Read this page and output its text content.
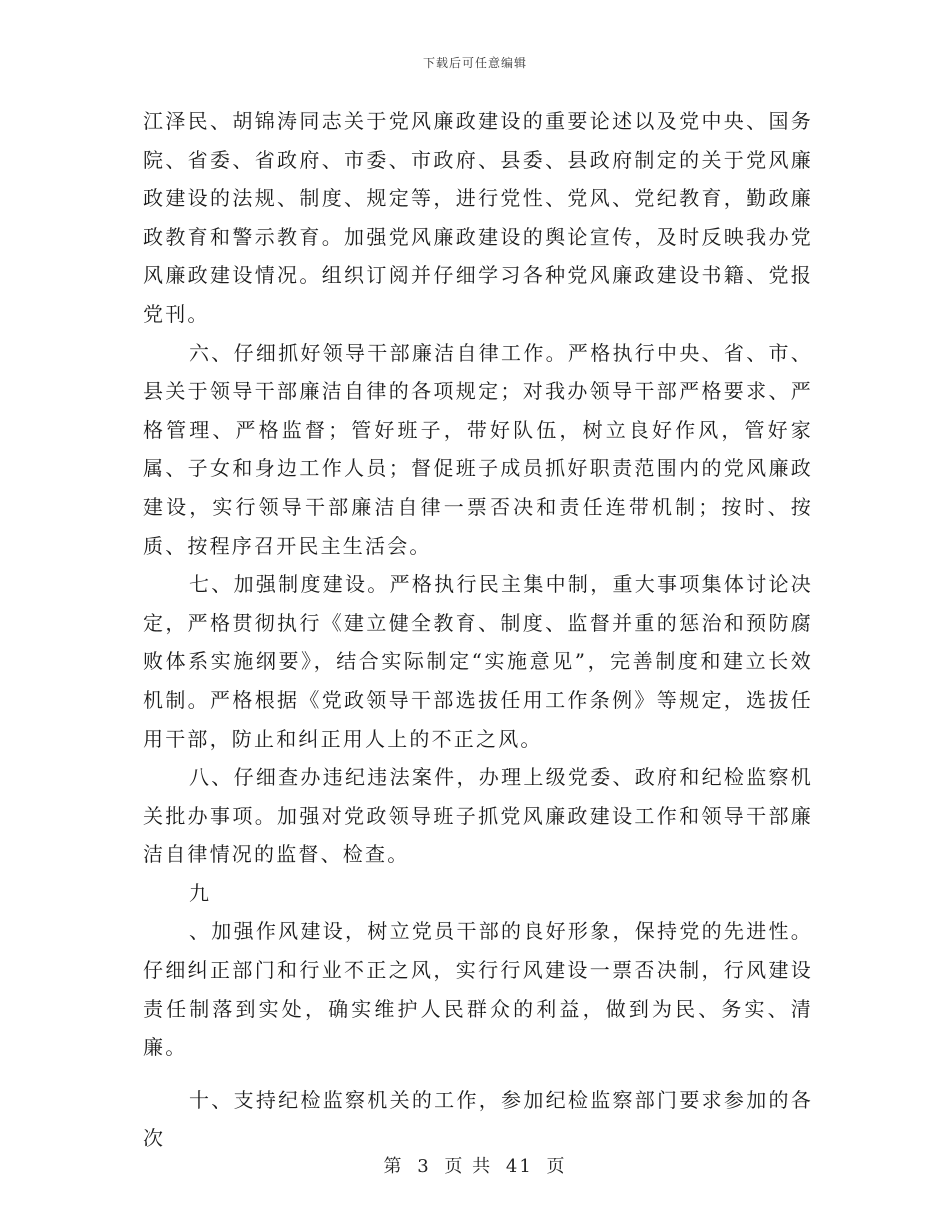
下载后可任意编辑

江泽民、胡锦涛同志关于党风廉政建设的重要论述以及党中央、国务院、省委、省政府、市委、市政府、县委、县政府制定的关于党风廉政建设的法规、制度、规定等，进行党性、党风、党纪教育，勤政廉政教育和警示教育。加强党风廉政建设的舆论宣传，及时反映我办党风廉政建设情况。组织订阅并仔细学习各种党风廉政建设书籍、党报党刊。

六、仔细抓好领导干部廉洁自律工作。严格执行中央、省、市、县关于领导干部廉洁自律的各项规定；对我办领导干部严格要求、严格管理、严格监督；管好班子，带好队伍，树立良好作风，管好家属、子女和身边工作人员；督促班子成员抓好职责范围内的党风廉政建设，实行领导干部廉洁自律一票否决和责任连带机制；按时、按质、按程序召开民主生活会。

七、加强制度建设。严格执行民主集中制，重大事项集体讨论决定，严格贯彻执行《建立健全教育、制度、监督并重的惩治和预防腐败体系实施纲要》，结合实际制定“实施意见”，完善制度和建立长效机制。严格根据《党政领导干部选拔任用工作条例》等规定，选拔任用干部，防止和纠正用人上的不正之风。

八、仔细查办违纪违法案件，办理上级党委、政府和纪检监察机关批办事项。加强对党政领导班子抓党风廉政建设工作和领导干部廉洁自律情况的监督、检查。

九

、加强作风建设，树立党员干部的良好形象，保持党的先进性。仔细纠正部门和行业不正之风，实行行风建设一票否决制，行风建设责任制落到实处，确实维护人民群众的利益，做到为民、务实、清廉。

十、支持纪检监察机关的工作，参加纪检监察部门要求参加的各次

第 3 页 共 41 页
